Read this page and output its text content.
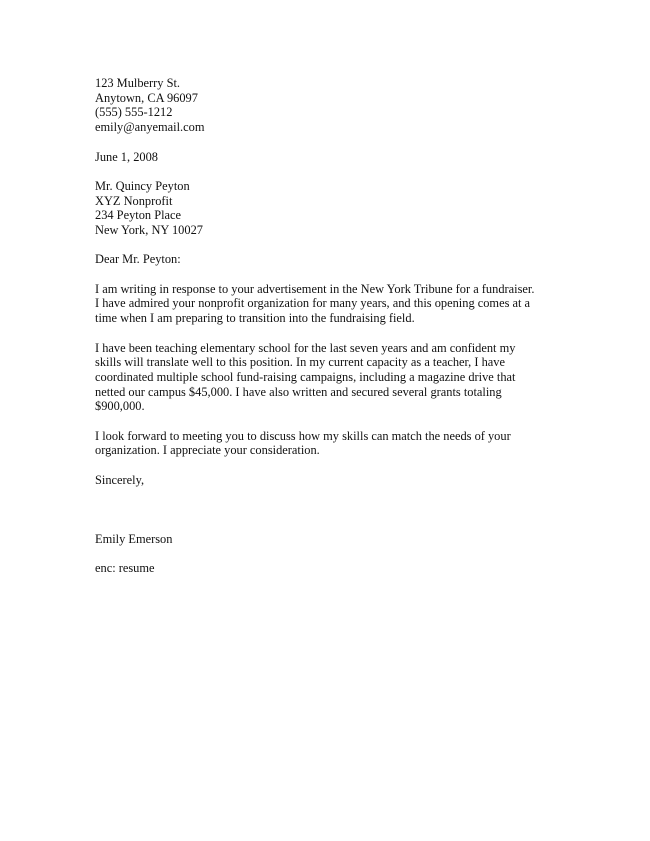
123 Mulberry St.
Anytown, CA 96097
(555) 555-1212
emily@anyemail.com
June 1, 2008
Mr. Quincy Peyton
XYZ Nonprofit
234 Peyton Place
New York, NY 10027
Dear Mr. Peyton:

I am writing in response to your advertisement in the New York Tribune for a fundraiser.
I have admired your nonprofit organization for many years, and this opening comes at a
time when I am preparing to transition into the fundraising field.

I have been teaching elementary school for the last seven years and am confident my
skills will translate well to this position. In my current capacity as a teacher, I have
coordinated multiple school fund-raising campaigns, including a magazine drive that
netted our campus $45,000. I have also written and secured several grants totaling
$900,000.

I look forward to meeting you to discuss how my skills can match the needs of your
organization. I appreciate your consideration.

Sincerely,
Emily Emerson
enc: resume
